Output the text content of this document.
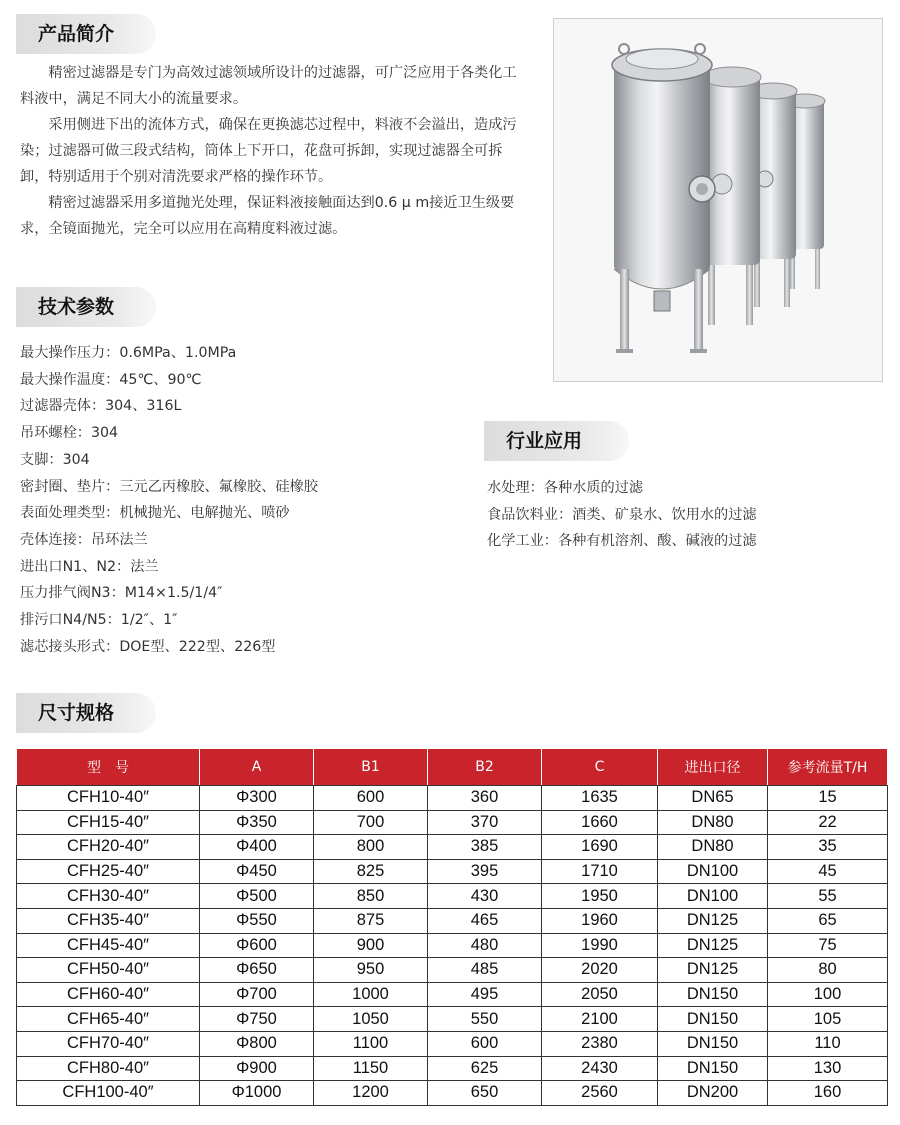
产品简介

精密过滤器是专门为高效过滤领域所设计的过滤器，可广泛应用于各类化工料液中，满足不同大小的流量要求。

采用侧进下出的流体方式，确保在更换滤芯过程中，料液不会溢出，造成污染；过滤器可做三段式结构，筒体上下开口，花盘可拆卸，实现过滤器全可拆卸，特别适用于个别对清洗要求严格的操作环节。

精密过滤器采用多道抛光处理，保证料液接触面达到0.6 μ m接近卫生级要求，全镜面抛光，完全可以应用在高精度料液过滤。

技术参数
最大操作压力：0.6MPa、1.0MPa
最大操作温度：45℃、90℃
过滤器壳体：304、316L
吊环螺栓：304
支脚：304
密封圈、垫片：三元乙丙橡胶、氟橡胶、硅橡胶
表面处理类型：机械抛光、电解抛光、喷砂
壳体连接：吊环法兰
进出口N1、N2：法兰
压力排气阀N3：M14×1.5/1/4″
排污口N4/N5：1/2″、1″
滤芯接头形式：DOE型、222型、226型
行业应用
水处理：各种水质的过滤
食品饮料业：酒类、矿泉水、饮用水的过滤
化学工业：各种有机溶剂、酸、碱液的过滤
尺寸规格
型　号	A	B1	B2	C	进出口径	参考流量T/H
CFH10-40″	Φ300	600	360	1635	DN65	15
CFH15-40″	Φ350	700	370	1660	DN80	22
CFH20-40″	Φ400	800	385	1690	DN80	35
CFH25-40″	Φ450	825	395	1710	DN100	45
CFH30-40″	Φ500	850	430	1950	DN100	55
CFH35-40″	Φ550	875	465	1960	DN125	65
CFH45-40″	Φ600	900	480	1990	DN125	75
CFH50-40″	Φ650	950	485	2020	DN125	80
CFH60-40″	Φ700	1000	495	2050	DN150	100
CFH65-40″	Φ750	1050	550	2100	DN150	105
CFH70-40″	Φ800	1100	600	2380	DN150	110
CFH80-40″	Φ900	1150	625	2430	DN150	130
CFH100-40″	Φ1000	1200	650	2560	DN200	160
